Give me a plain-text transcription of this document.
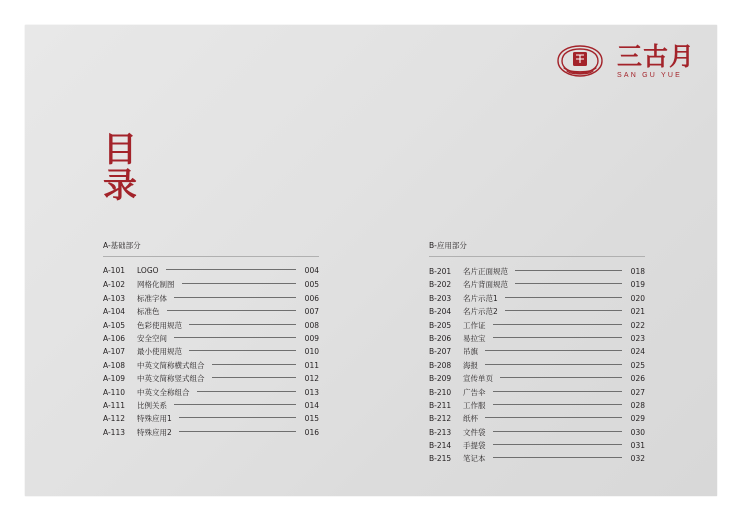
三古月
SAN GU YUE
目
录
A-基础部分
A-101	LOGO	004
A-102	网格化制图	005
A-103	标准字体	006
A-104	标准色	007
A-105	色彩使用规范	008
A-106	安全空间	009
A-107	最小使用规范	010
A-108	中英文简称横式组合	011
A-109	中英文简称竖式组合	012
A-110	中英文全称组合	013
A-111	比例关系	014
A-112	特殊应用1	015
A-113	特殊应用2	016
B-应用部分
B-201	名片正面规范	018
B-202	名片背面规范	019
B-203	名片示范1	020
B-204	名片示范2	021
B-205	工作证	022
B-206	易拉宝	023
B-207	吊旗	024
B-208	海报	025
B-209	宣传单页	026
B-210	广告伞	027
B-211	工作服	028
B-212	纸杯	029
B-213	文件袋	030
B-214	手提袋	031
B-215	笔记本	032
